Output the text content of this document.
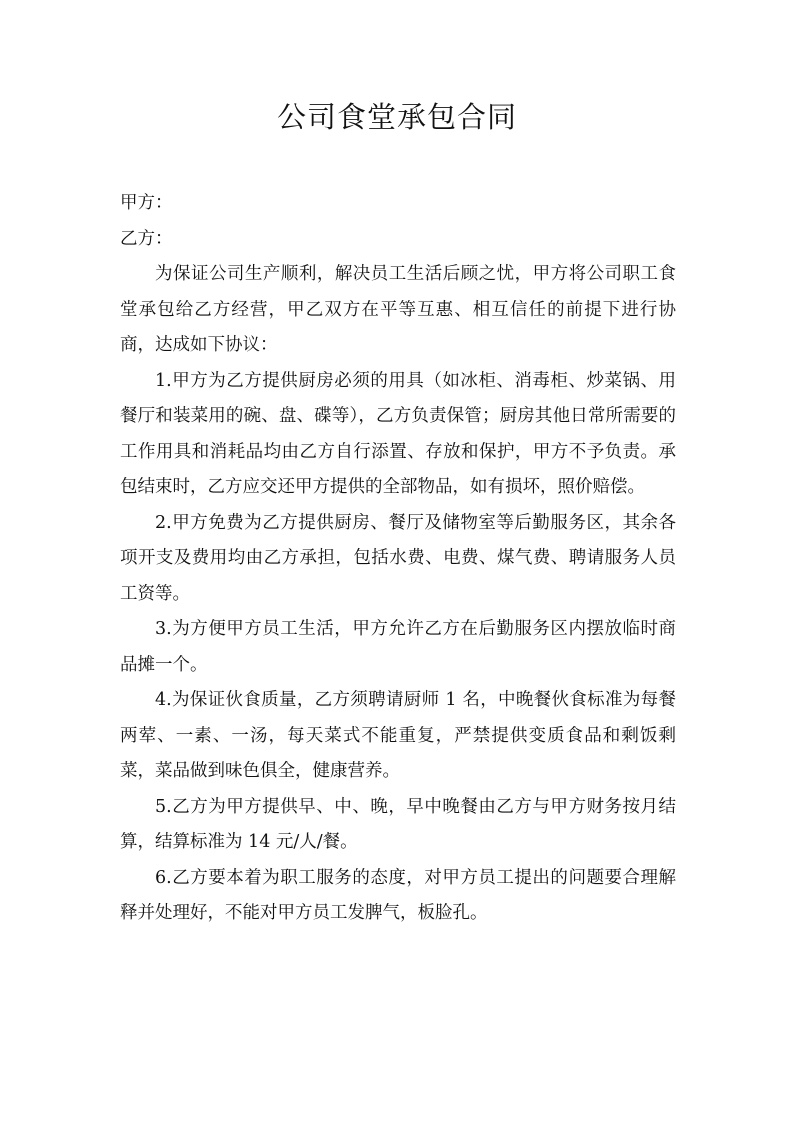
公司食堂承包合同

甲方：

乙方：

为保证公司生产顺利，解决员工生活后顾之忧，甲方将公司职工食堂承包给乙方经营，甲乙双方在平等互惠、相互信任的前提下进行协商，达成如下协议：

1.甲方为乙方提供厨房必须的用具（如冰柜、消毒柜、炒菜锅、用餐厅和装菜用的碗、盘、碟等），乙方负责保管；厨房其他日常所需要的工作用具和消耗品均由乙方自行添置、存放和保护，甲方不予负责。承包结束时，乙方应交还甲方提供的全部物品，如有损坏，照价赔偿。

2.甲方免费为乙方提供厨房、餐厅及储物室等后勤服务区，其余各项开支及费用均由乙方承担，包括水费、电费、煤气费、聘请服务人员工资等。

3.为方便甲方员工生活，甲方允许乙方在后勤服务区内摆放临时商品摊一个。

4.为保证伙食质量，乙方须聘请厨师 1 名，中晚餐伙食标准为每餐两荤、一素、一汤，每天菜式不能重复，严禁提供变质食品和剩饭剩菜，菜品做到味色俱全，健康营养。

5.乙方为甲方提供早、中、晚，早中晚餐由乙方与甲方财务按月结算，结算标准为 14 元/人/餐。

6.乙方要本着为职工服务的态度，对甲方员工提出的问题要合理解释并处理好，不能对甲方员工发脾气，板脸孔。
